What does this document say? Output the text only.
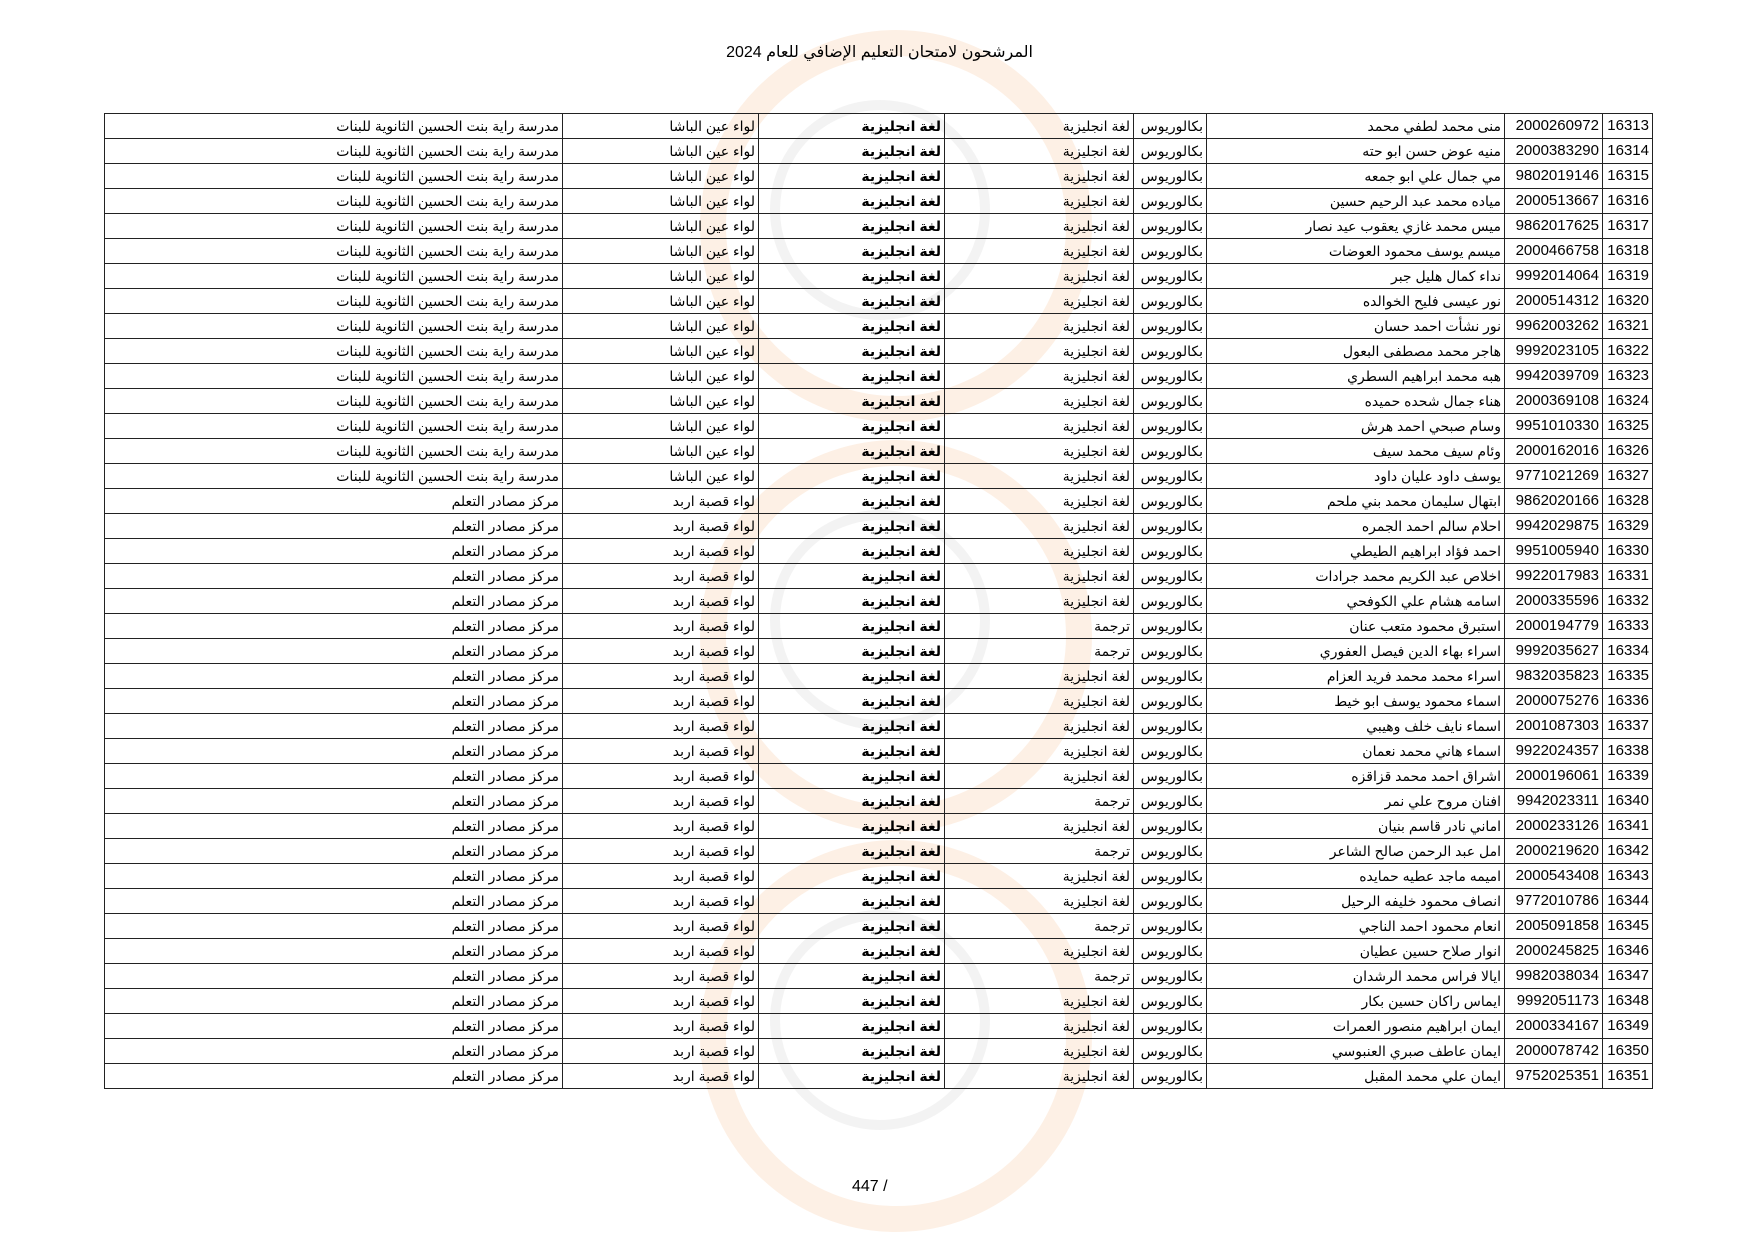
المرشحون لامتحان التعليم الإضافي للعام 2024
16313	2000260972	منى محمد لطفي محمد	بكالوريوس	لغة انجليزية	لغة انجليزية	لواء عين الباشا	مدرسة راية بنت الحسين الثانوية للبنات
16314	2000383290	منيه عوض حسن ابو حته	بكالوريوس	لغة انجليزية	لغة انجليزية	لواء عين الباشا	مدرسة راية بنت الحسين الثانوية للبنات
16315	9802019146	مي جمال علي ابو جمعه	بكالوريوس	لغة انجليزية	لغة انجليزية	لواء عين الباشا	مدرسة راية بنت الحسين الثانوية للبنات
16316	2000513667	مياده محمد عبد الرحيم حسين	بكالوريوس	لغة انجليزية	لغة انجليزية	لواء عين الباشا	مدرسة راية بنت الحسين الثانوية للبنات
16317	9862017625	ميس محمد غازي يعقوب عيد نصار	بكالوريوس	لغة انجليزية	لغة انجليزية	لواء عين الباشا	مدرسة راية بنت الحسين الثانوية للبنات
16318	2000466758	ميسم يوسف محمود العوضات	بكالوريوس	لغة انجليزية	لغة انجليزية	لواء عين الباشا	مدرسة راية بنت الحسين الثانوية للبنات
16319	9992014064	نداء كمال هليل جبر	بكالوريوس	لغة انجليزية	لغة انجليزية	لواء عين الباشا	مدرسة راية بنت الحسين الثانوية للبنات
16320	2000514312	نور عيسى فليح الخوالده	بكالوريوس	لغة انجليزية	لغة انجليزية	لواء عين الباشا	مدرسة راية بنت الحسين الثانوية للبنات
16321	9962003262	نور نشأت احمد حسان	بكالوريوس	لغة انجليزية	لغة انجليزية	لواء عين الباشا	مدرسة راية بنت الحسين الثانوية للبنات
16322	9992023105	هاجر محمد مصطفى البعول	بكالوريوس	لغة انجليزية	لغة انجليزية	لواء عين الباشا	مدرسة راية بنت الحسين الثانوية للبنات
16323	9942039709	هبه محمد ابراهيم السطري	بكالوريوس	لغة انجليزية	لغة انجليزية	لواء عين الباشا	مدرسة راية بنت الحسين الثانوية للبنات
16324	2000369108	هناء جمال شحده حميده	بكالوريوس	لغة انجليزية	لغة انجليزية	لواء عين الباشا	مدرسة راية بنت الحسين الثانوية للبنات
16325	9951010330	وسام صبحي احمد هرش	بكالوريوس	لغة انجليزية	لغة انجليزية	لواء عين الباشا	مدرسة راية بنت الحسين الثانوية للبنات
16326	2000162016	وئام سيف محمد سيف	بكالوريوس	لغة انجليزية	لغة انجليزية	لواء عين الباشا	مدرسة راية بنت الحسين الثانوية للبنات
16327	9771021269	يوسف داود عليان داود	بكالوريوس	لغة انجليزية	لغة انجليزية	لواء عين الباشا	مدرسة راية بنت الحسين الثانوية للبنات
16328	9862020166	ابتهال سليمان محمد بني ملحم	بكالوريوس	لغة انجليزية	لغة انجليزية	لواء قصبة اربد	مركز مصادر التعلم
16329	9942029875	احلام سالم احمد الجمره	بكالوريوس	لغة انجليزية	لغة انجليزية	لواء قصبة اربد	مركز مصادر التعلم
16330	9951005940	احمد فؤاد ابراهيم الطيطي	بكالوريوس	لغة انجليزية	لغة انجليزية	لواء قصبة اربد	مركز مصادر التعلم
16331	9922017983	اخلاص عبد الكريم محمد جرادات	بكالوريوس	لغة انجليزية	لغة انجليزية	لواء قصبة اربد	مركز مصادر التعلم
16332	2000335596	اسامه هشام علي الكوفحي	بكالوريوس	لغة انجليزية	لغة انجليزية	لواء قصبة اربد	مركز مصادر التعلم
16333	2000194779	استبرق محمود متعب عنان	بكالوريوس	ترجمة	لغة انجليزية	لواء قصبة اربد	مركز مصادر التعلم
16334	9992035627	اسراء بهاء الدين فيصل العفوري	بكالوريوس	ترجمة	لغة انجليزية	لواء قصبة اربد	مركز مصادر التعلم
16335	9832035823	اسراء محمد محمد فريد العزام	بكالوريوس	لغة انجليزية	لغة انجليزية	لواء قصبة اربد	مركز مصادر التعلم
16336	2000075276	اسماء محمود يوسف ابو خيط	بكالوريوس	لغة انجليزية	لغة انجليزية	لواء قصبة اربد	مركز مصادر التعلم
16337	2001087303	اسماء نايف خلف وهيبي	بكالوريوس	لغة انجليزية	لغة انجليزية	لواء قصبة اربد	مركز مصادر التعلم
16338	9922024357	اسماء هاني محمد نعمان	بكالوريوس	لغة انجليزية	لغة انجليزية	لواء قصبة اربد	مركز مصادر التعلم
16339	2000196061	اشراق احمد محمد قزاقزه	بكالوريوس	لغة انجليزية	لغة انجليزية	لواء قصبة اربد	مركز مصادر التعلم
16340	9942023311	افنان مروح علي نمر	بكالوريوس	ترجمة	لغة انجليزية	لواء قصبة اربد	مركز مصادر التعلم
16341	2000233126	اماني نادر قاسم بنيان	بكالوريوس	لغة انجليزية	لغة انجليزية	لواء قصبة اربد	مركز مصادر التعلم
16342	2000219620	امل عبد الرحمن صالح الشاعر	بكالوريوس	ترجمة	لغة انجليزية	لواء قصبة اربد	مركز مصادر التعلم
16343	2000543408	اميمه ماجد عطيه حمايده	بكالوريوس	لغة انجليزية	لغة انجليزية	لواء قصبة اربد	مركز مصادر التعلم
16344	9772010786	انصاف محمود خليفه الرحيل	بكالوريوس	لغة انجليزية	لغة انجليزية	لواء قصبة اربد	مركز مصادر التعلم
16345	2005091858	انعام محمود احمد الناجي	بكالوريوس	ترجمة	لغة انجليزية	لواء قصبة اربد	مركز مصادر التعلم
16346	2000245825	انوار صلاح حسين عطيان	بكالوريوس	لغة انجليزية	لغة انجليزية	لواء قصبة اربد	مركز مصادر التعلم
16347	9982038034	ايالا فراس محمد الرشدان	بكالوريوس	ترجمة	لغة انجليزية	لواء قصبة اربد	مركز مصادر التعلم
16348	9992051173	ايماس راكان حسين بكار	بكالوريوس	لغة انجليزية	لغة انجليزية	لواء قصبة اربد	مركز مصادر التعلم
16349	2000334167	ايمان ابراهيم منصور العمرات	بكالوريوس	لغة انجليزية	لغة انجليزية	لواء قصبة اربد	مركز مصادر التعلم
16350	2000078742	ايمان عاطف صبري العنبوسي	بكالوريوس	لغة انجليزية	لغة انجليزية	لواء قصبة اربد	مركز مصادر التعلم
16351	9752025351	ايمان علي محمد المقبل	بكالوريوس	لغة انجليزية	لغة انجليزية	لواء قصبة اربد	مركز مصادر التعلم
447 /
